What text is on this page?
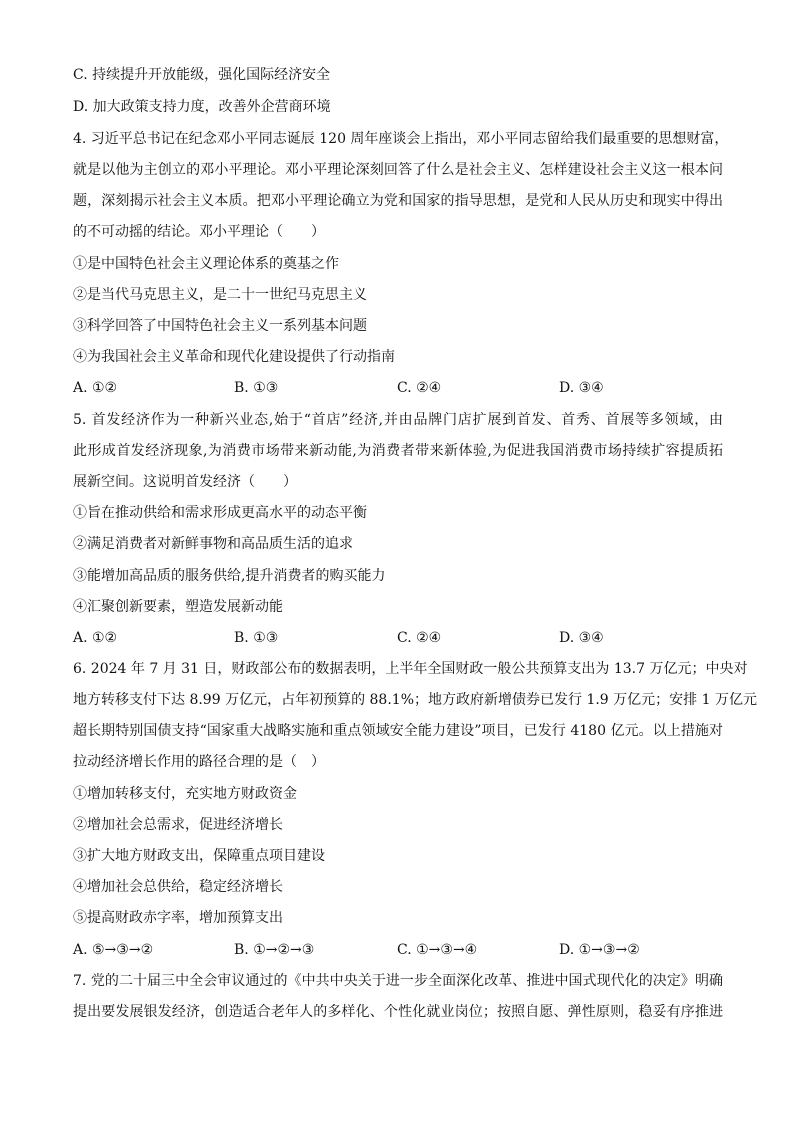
C. 持续提升开放能级，强化国际经济安全
D. 加大政策支持力度，改善外企营商环境
4. 习近平总书记在纪念邓小平同志诞辰 120 周年座谈会上指出，邓小平同志留给我们最重要的思想财富，
就是以他为主创立的邓小平理论。邓小平理论深刻回答了什么是社会主义、怎样建设社会主义这一根本问
题，深刻揭示社会主义本质。把邓小平理论确立为党和国家的指导思想，是党和人民从历史和现实中得出
的不可动摇的结论。邓小平理论（　　）
①是中国特色社会主义理论体系的奠基之作
②是当代马克思主义，是二十一世纪马克思主义
③科学回答了中国特色社会主义一系列基本问题
④为我国社会主义革命和现代化建设提供了行动指南
A. ①②	B. ①③	C. ②④	D. ③④
5. 首发经济作为一种新兴业态,始于“首店”经济,并由品牌门店扩展到首发、首秀、首展等多领域，由
此形成首发经济现象,为消费市场带来新动能,为消费者带来新体验,为促进我国消费市场持续扩容提质拓
展新空间。这说明首发经济（　　）
①旨在推动供给和需求形成更高水平的动态平衡
②满足消费者对新鲜事物和高品质生活的追求
③能增加高品质的服务供给,提升消费者的购买能力
④汇聚创新要素，塑造发展新动能
A. ①②	B. ①③	C. ②④	D. ③④
6. 2024 年 7 月 31 日，财政部公布的数据表明，上半年全国财政一般公共预算支出为 13.7 万亿元；中央对
地方转移支付下达 8.99 万亿元，占年初预算的 88.1%；地方政府新增债券已发行 1.9 万亿元；安排 1 万亿元
超长期特别国债支持“国家重大战略实施和重点领域安全能力建设”项目，已发行 4180 亿元。以上措施对
拉动经济增长作用的路径合理的是（　）
①增加转移支付，充实地方财政资金
②增加社会总需求，促进经济增长
③扩大地方财政支出，保障重点项目建设
④增加社会总供给，稳定经济增长
⑤提高财政赤字率，增加预算支出
A. ⑤→③→②	B. ①→②→③	C. ①→③→④	D. ①→③→②
7. 党的二十届三中全会审议通过的《中共中央关于进一步全面深化改革、推进中国式现代化的决定》明确
提出要发展银发经济，创造适合老年人的多样化、个性化就业岗位；按照自愿、弹性原则，稳妥有序推进
